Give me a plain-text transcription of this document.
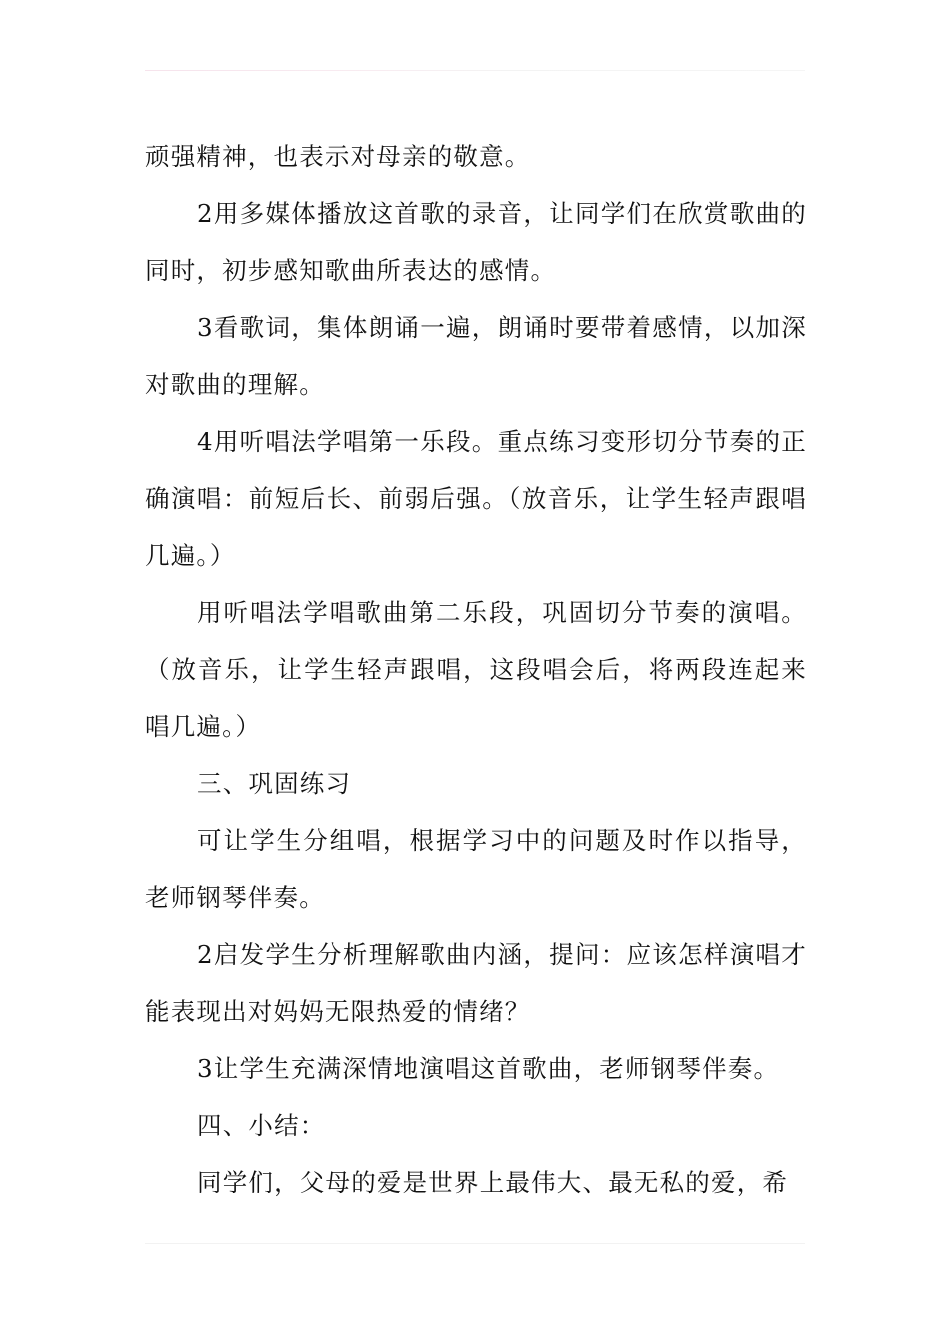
顽强精神，也表示对母亲的敬意。

2用多媒体播放这首歌的录音，让同学们在欣赏歌曲的同时，初步感知歌曲所表达的感情。

3看歌词，集体朗诵一遍，朗诵时要带着感情，以加深对歌曲的理解。

4用听唱法学唱第一乐段。重点练习变形切分节奏的正确演唱：前短后长、前弱后强。（放音乐，让学生轻声跟唱几遍。）

用听唱法学唱歌曲第二乐段，巩固切分节奏的演唱。（放音乐，让学生轻声跟唱，这段唱会后，将两段连起来唱几遍。）

三、巩固练习

可让学生分组唱，根据学习中的问题及时作以指导，老师钢琴伴奏。

2启发学生分析理解歌曲内涵，提问：应该怎样演唱才能表现出对妈妈无限热爱的情绪？

3让学生充满深情地演唱这首歌曲，老师钢琴伴奏。

四、小结：

同学们，父母的爱是世界上最伟大、最无私的爱，希
